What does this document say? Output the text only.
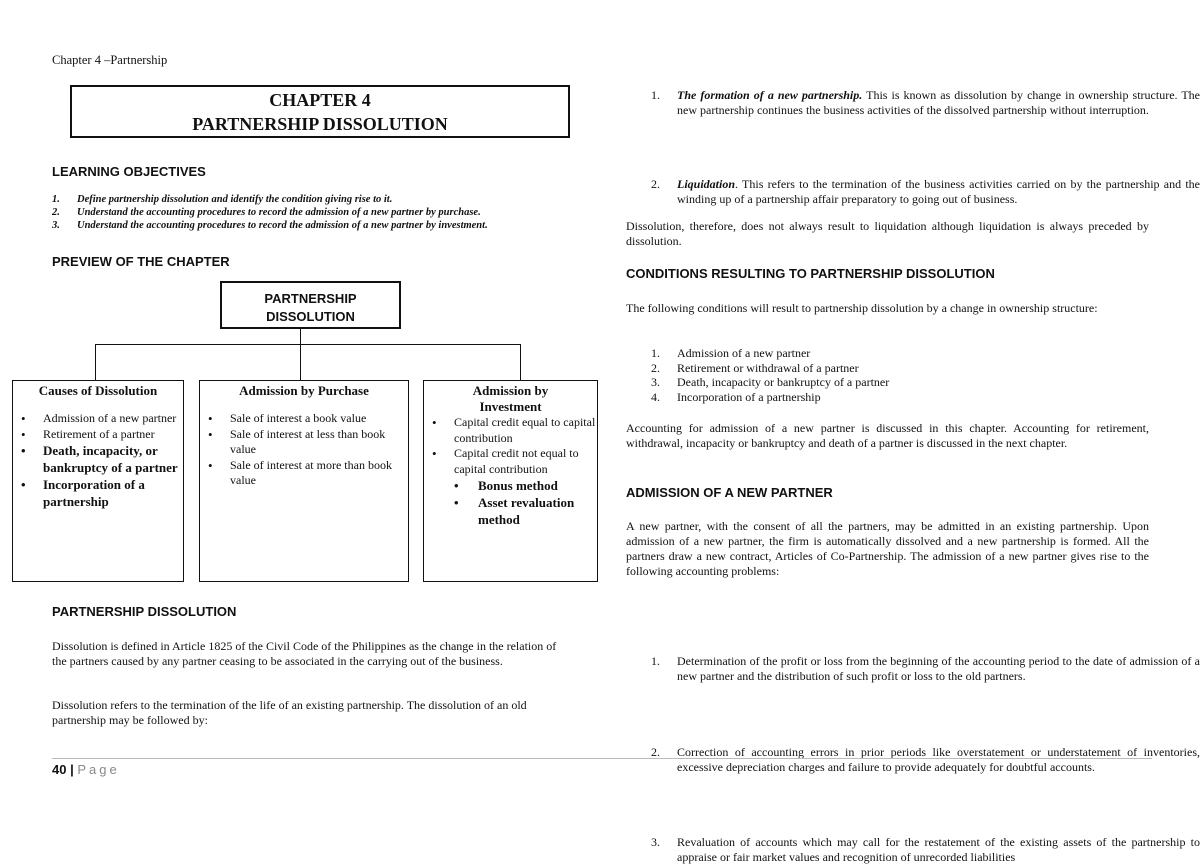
Chapter 4 –Partnership
CHAPTER 4
PARTNERSHIP DISSOLUTION
LEARNING OBJECTIVES
1. Define partnership dissolution and identify the condition giving rise to it.
2. Understand the accounting procedures to record the admission of a new partner by purchase.
3. Understand the accounting procedures to record the admission of a new partner by investment.
PREVIEW OF THE CHAPTER
PARTNERSHIP
DISSOLUTION
Causes of Dissolution
• Admission of a new partner
• Retirement of a partner
• Death, incapacity, or bankruptcy of a partner
• Incorporation of a partnership
Admission by Purchase
• Sale of interest a book value
• Sale of interest at less than book value
• Sale of interest at more than book value
Admission by
Investment
• Capital credit equal to capital contribution
• Capital credit not equal to capital contribution
• Bonus method
• Asset revaluation method
PARTNERSHIP DISSOLUTION
Dissolution is defined in Article 1825 of the Civil Code of the Philippines as the change in the relation of the partners caused by any partner ceasing to be associated in the carrying out of the business.
Dissolution refers to the termination of the life of an existing partnership. The dissolution of an old partnership may be followed by:
1. The formation of a new partnership. This is known as dissolution by change in ownership structure. The new partnership continues the business activities of the dissolved partnership without interruption.
2. Liquidation. This refers to the termination of the business activities carried on by the partnership and the winding up of a partnership affair preparatory to going out of business.
Dissolution, therefore, does not always result to liquidation although liquidation is always preceded by dissolution.
CONDITIONS RESULTING TO PARTNERSHIP DISSOLUTION
The following conditions will result to partnership dissolution by a change in ownership structure:
1. Admission of a new partner
2. Retirement or withdrawal of a partner
3. Death, incapacity or bankruptcy of a partner
4. Incorporation of a partnership
Accounting for admission of a new partner is discussed in this chapter. Accounting for retirement, withdrawal, incapacity or bankruptcy and death of a partner is discussed in the next chapter.
ADMISSION OF A NEW PARTNER
A new partner, with the consent of all the partners, may be admitted in an existing partnership. Upon admission of a new partner, the firm is automatically dissolved and a new partnership is formed. All the partners draw a new contract, Articles of Co-Partnership. The admission of a new partner gives rise to the following accounting problems:
1. Determination of the profit or loss from the beginning of the accounting period to the date of admission of a new partner and the distribution of such profit or loss to the old partners.
2. Correction of accounting errors in prior periods like overstatement or understatement of inventories, excessive depreciation charges and failure to provide adequately for doubtful accounts.
3. Revaluation of accounts which may call for the restatement of the existing assets of the partnership to appraise or fair market values and recognition of unrecorded liabilities
40 | Page
